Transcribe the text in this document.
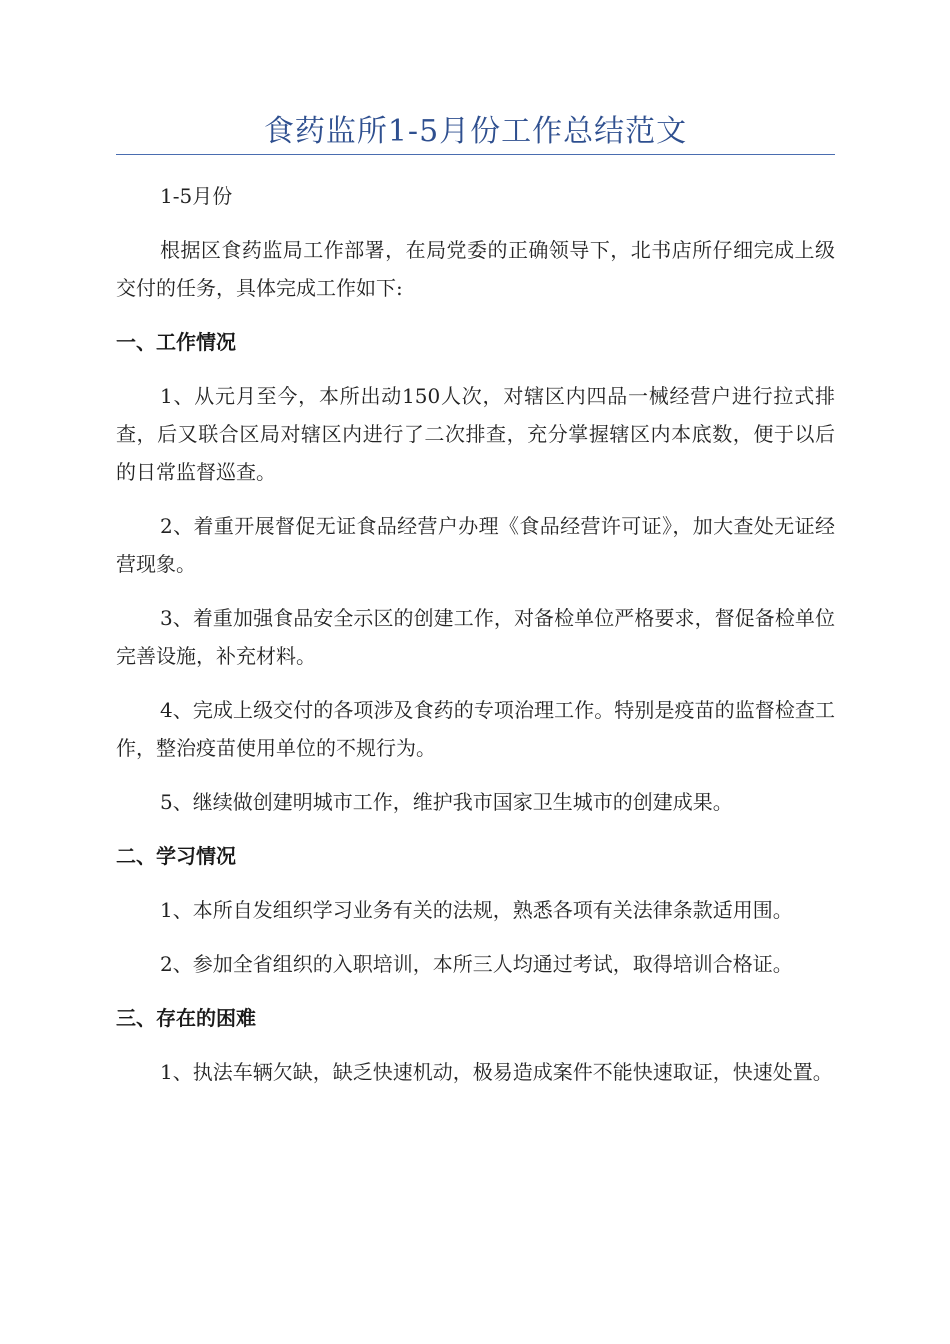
食药监所1-5月份工作总结范文

1-5月份

根据区食药监局工作部署，在局党委的正确领导下，北书店所仔细完成上级交付的任务，具体完成工作如下:

一、工作情况

1、从元月至今，本所出动150人次，对辖区内四品一械经营户进行拉式排查，后又联合区局对辖区内进行了二次排查，充分掌握辖区内本底数，便于以后的日常监督巡查。

2、着重开展督促无证食品经营户办理《食品经营许可证》，加大查处无证经营现象。

3、着重加强食品安全示区的创建工作，对备检单位严格要求，督促备检单位完善设施，补充材料。

4、完成上级交付的各项涉及食药的专项治理工作。特别是疫苗的监督检查工作，整治疫苗使用单位的不规行为。

5、继续做创建明城市工作，维护我市国家卫生城市的创建成果。

二、学习情况

1、本所自发组织学习业务有关的法规，熟悉各项有关法律条款适用围。

2、参加全省组织的入职培训，本所三人均通过考试，取得培训合格证。

三、存在的困难

1、执法车辆欠缺，缺乏快速机动，极易造成案件不能快速取证，快速处置。
